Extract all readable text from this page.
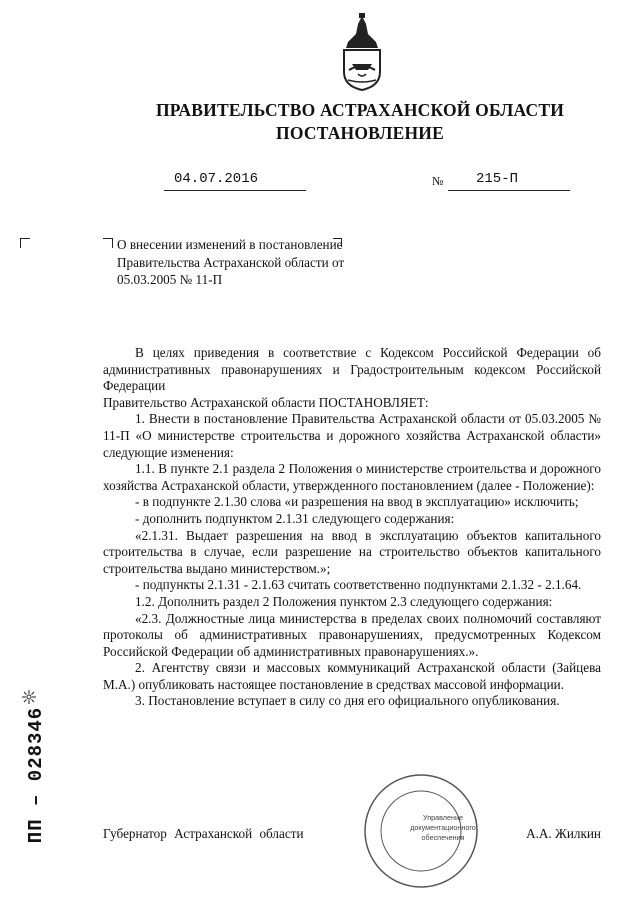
ПРАВИТЕЛЬСТВО АСТРАХАНСКОЙ ОБЛАСТИ
ПОСТАНОВЛЕНИЕ
04.07.2016	№ 215-П
О внесении изменений в постановление Правительства Астраханской области от 05.03.2005 № 11-П

В целях приведения в соответствие с Кодексом Российской Федерации об административных правонарушениях и Градостроительным кодексом Российской Федерации

Правительство Астраханской области ПОСТАНОВЛЯЕТ:

1. Внести в постановление Правительства Астраханской области от 05.03.2005 № 11-П «О министерстве строительства и дорожного хозяйства Астраханской области» следующие изменения:

1.1. В пункте 2.1 раздела 2 Положения о министерстве строительства и дорожного хозяйства Астраханской области, утвержденного постановлением (далее - Положение):

- в подпункте 2.1.30 слова «и разрешения на ввод в эксплуатацию» исключить;

- дополнить подпунктом 2.1.31 следующего содержания:

«2.1.31. Выдает разрешения на ввод в эксплуатацию объектов капитального строительства в случае, если разрешение на строительство объектов капитального строительства выдано министерством.»;

- подпункты 2.1.31 - 2.1.63 считать соответственно подпунктами 2.1.32 - 2.1.64.

1.2. Дополнить раздел 2 Положения пунктом 2.3 следующего содержания:

«2.3. Должностные лица министерства в пределах своих полномочий составляют протоколы об административных правонарушениях, предусмотренных Кодексом Российской Федерации об административных правонарушениях.».

2. Агентству связи и массовых коммуникаций Астраханской области (Зайцева М.А.) опубликовать настоящее постановление в средствах массовой информации.

3. Постановление вступает в силу со дня его официального опубликования.

Управление
документационного
обеспечения
Губернатор Астраханской области	А.А. Жилкин
ПП – 028346
